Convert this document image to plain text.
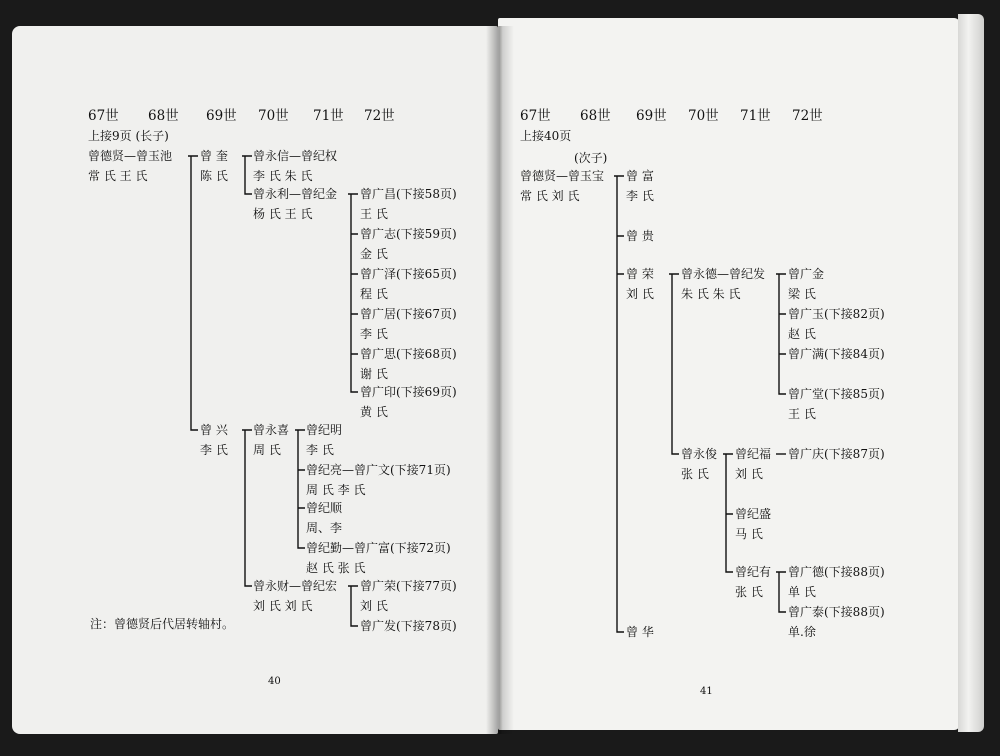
67世 68世 69世 70世 71世 72世
上接9页 (长子)
曾德贤—曾玉池
常 氏 王 氏
曾 奎
陈 氏
曾永信—曾纪权
李 氏 朱 氏
曾永利—曾纪金
杨 氏 王 氏
曾广昌(下接58页)
王 氏
曾广志(下接59页)
金 氏
曾广泽(下接65页)
程 氏
曾广居(下接67页)
李 氏
曾广思(下接68页)
谢 氏
曾广印(下接69页)
黄 氏
曾 兴
李 氏
曾永喜
周 氏
曾纪明
李 氏
曾纪亮—曾广文(下接71页)
周 氏 李 氏
曾纪顺
周、李
曾纪勤—曾广富(下接72页)
赵 氏 张 氏
曾永财—曾纪宏
刘 氏 刘 氏
曾广荣(下接77页)
刘 氏
曾广发(下接78页)
注：曾德贤后代居转轴村。
40
67世 68世 69世 70世 71世 72世
上接40页
(次子)
曾德贤—曾玉宝
常 氏 刘 氏
曾 富
李 氏
曾 贵
曾 荣
刘 氏
曾永德—曾纪发
朱 氏 朱 氏
曾广金
梁 氏
曾广玉(下接82页)
赵 氏
曾广满(下接84页)
曾广堂(下接85页)
王 氏
曾永俊
张 氏
曾纪福
刘 氏
曾广庆(下接87页)
曾纪盛
马 氏
曾纪有
张 氏
曾广德(下接88页)
单 氏
曾广泰(下接88页)
单.徐
曾 华
41
